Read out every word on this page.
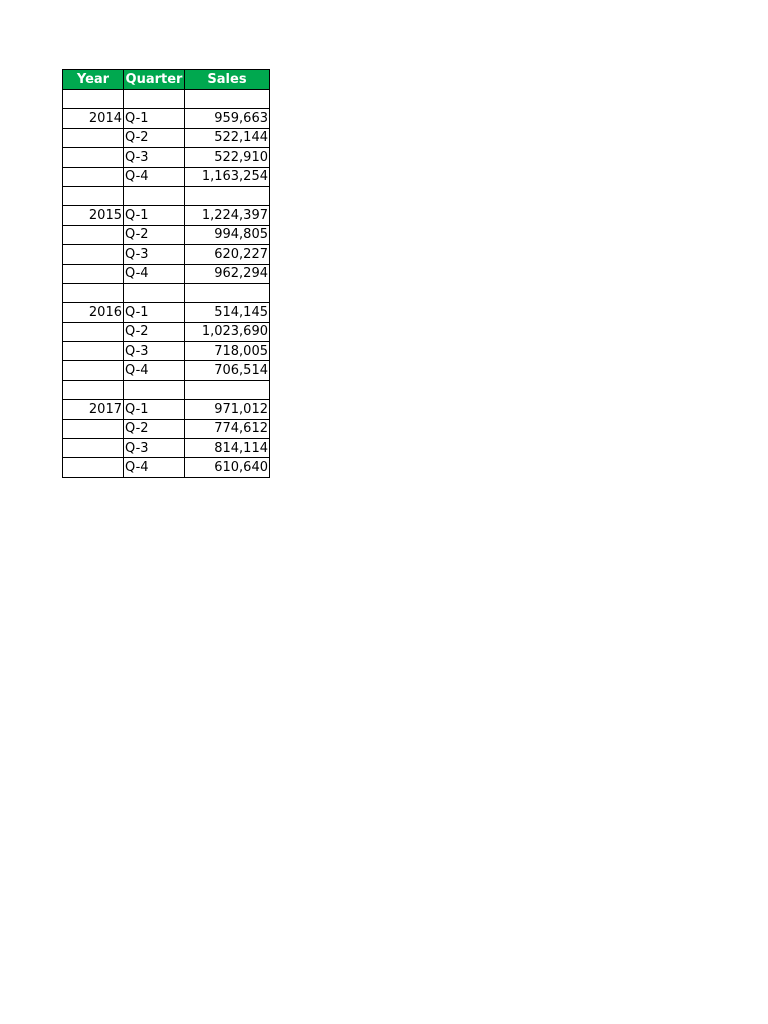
Year	Quarter	Sales

2014	Q-1	959,663
	Q-2	522,144
	Q-3	522,910
	Q-4	1,163,254

2015	Q-1	1,224,397
	Q-2	994,805
	Q-3	620,227
	Q-4	962,294

2016	Q-1	514,145
	Q-2	1,023,690
	Q-3	718,005
	Q-4	706,514

2017	Q-1	971,012
	Q-2	774,612
	Q-3	814,114
	Q-4	610,640
